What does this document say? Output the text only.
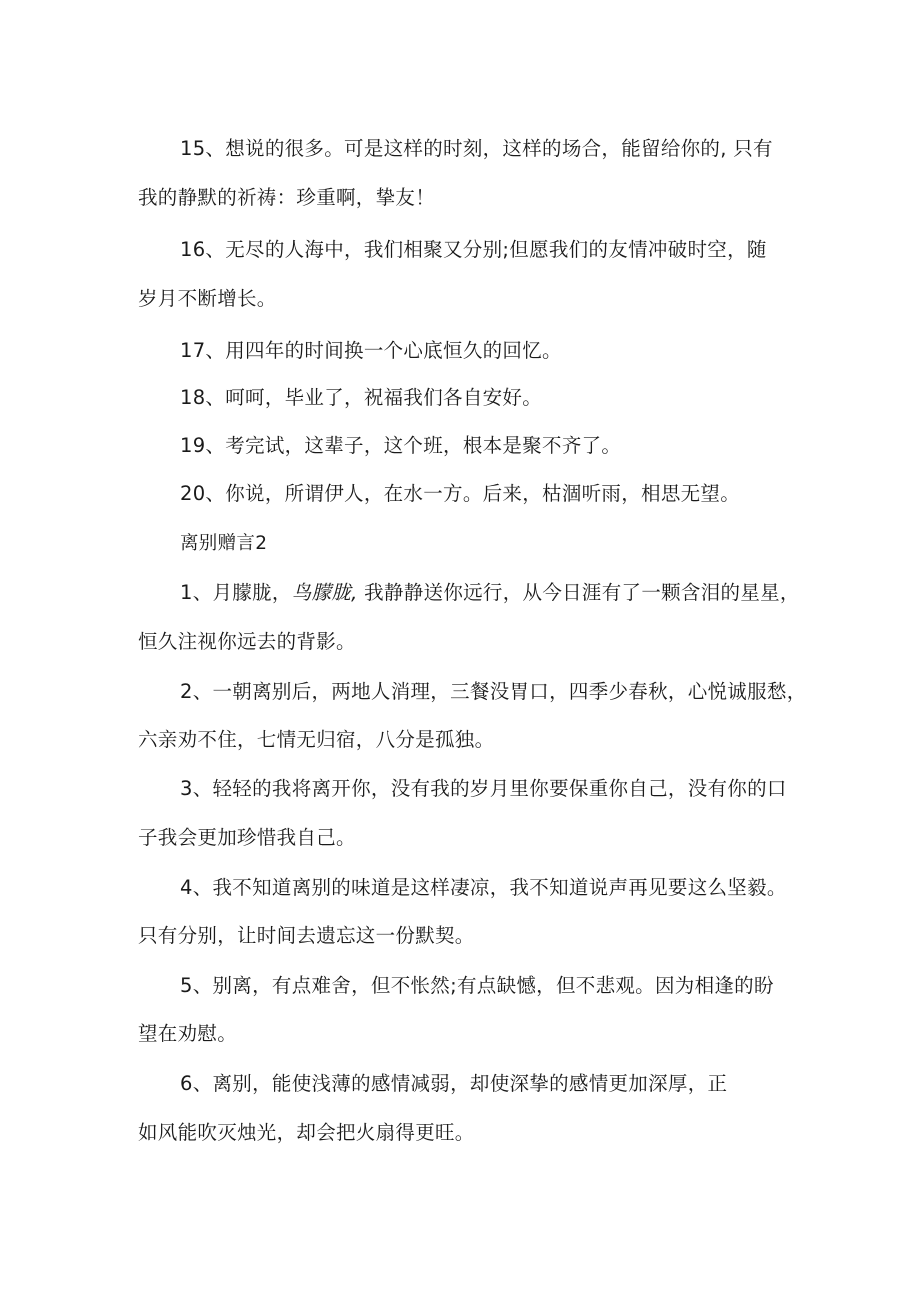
15、想说的很多。可是这样的时刻，这样的场合，能留给你的, 只有
我的静默的祈祷：珍重啊，挚友！
16、无尽的人海中，我们相聚又分别;但愿我们的友情冲破时空，随
岁月不断增长。
17、用四年的时间换一个心底恒久的回忆。
18、呵呵，毕业了，祝福我们各自安好。
19、考完试，这辈子，这个班，根本是聚不齐了。
20、你说，所谓伊人，在水一方。后来，枯涸听雨，相思无望。
离别赠言2
1、月朦胧，鸟朦胧, 我静静送你远行，从今日涯有了一颗含泪的星星，
恒久注视你远去的背影。
2、一朝离别后，两地人消理，三餐没胃口，四季少春秋，心悦诚服愁，
六亲劝不住，七情无归宿，八分是孤独。
3、轻轻的我将离开你，没有我的岁月里你要保重你自己，没有你的口
子我会更加珍惜我自己。
4、我不知道离别的味道是这样凄凉，我不知道说声再见要这么坚毅。
只有分别，让时间去遗忘这一份默契。
5、别离，有点难舍，但不怅然;有点缺憾，但不悲观。因为相逢的盼
望在劝慰。
6、离别，能使浅薄的感情减弱，却使深挚的感情更加深厚，正
如风能吹灭烛光，却会把火扇得更旺。
